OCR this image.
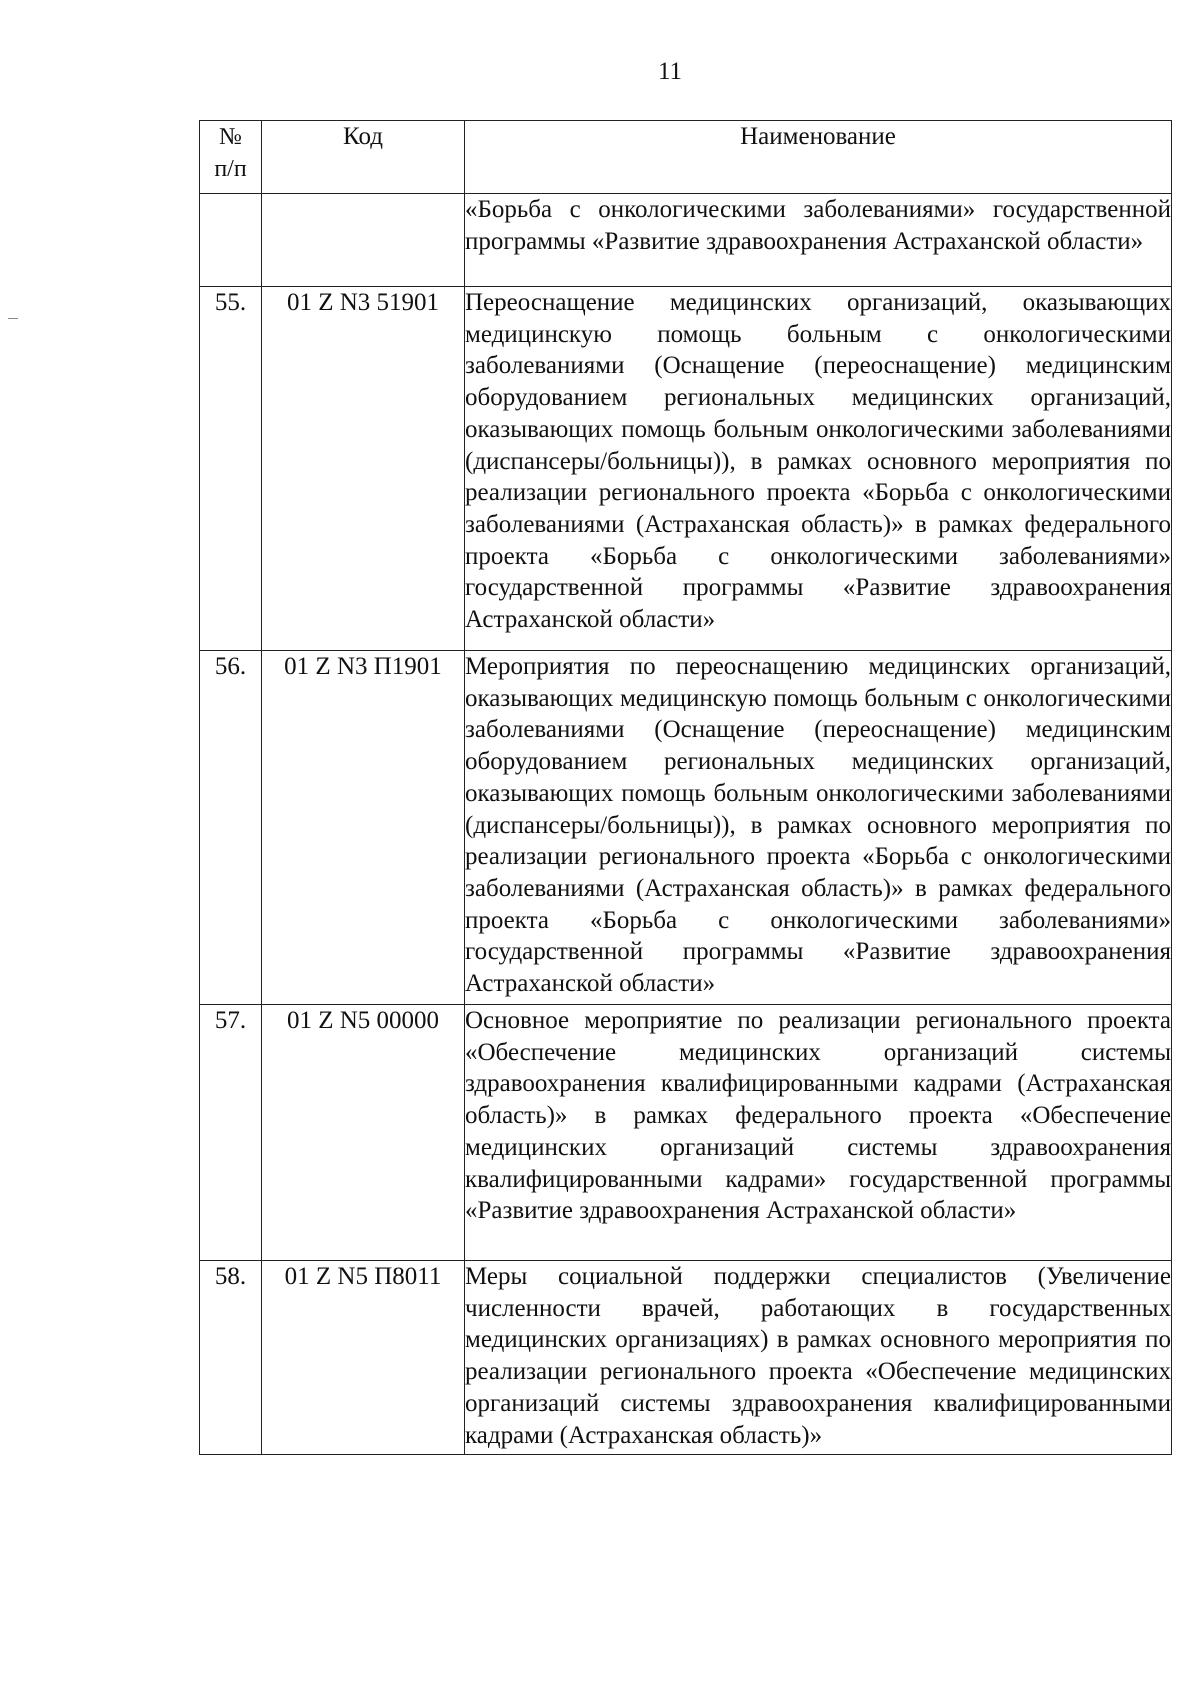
11
№
п/п	Код	Наименование
		«Борьба с онкологическими заболеваниями» государственной программы «Развитие здравоохранения Астраханской области»
55.	01 Z N3 51901	Переоснащение медицинских организаций, оказывающих медицинскую помощь больным с онкологическими заболеваниями (Оснащение (переоснащение) медицинским оборудованием региональных медицинских организаций, оказывающих помощь больным онкологическими заболеваниями (диспансеры/больницы)), в рамках основного мероприятия по реализации регионального проекта «Борьба с онкологическими заболеваниями (Астраханская область)» в рамках федерального проекта «Борьба с онкологическими заболеваниями» государственной программы «Развитие здравоохранения Астраханской области»
56.	01 Z N3 П1901	Мероприятия по переоснащению медицинских организаций, оказывающих медицинскую помощь больным с онкологическими заболеваниями (Оснащение (переоснащение) медицинским оборудованием региональных медицинских организаций, оказывающих помощь больным онкологическими заболеваниями (диспансеры/больницы)), в рамках основного мероприятия по реализации регионального проекта «Борьба с онкологическими заболеваниями (Астраханская область)» в рамках федерального проекта «Борьба с онкологическими заболеваниями» государственной программы «Развитие здравоохранения Астраханской области»
57.	01 Z N5 00000	Основное мероприятие по реализации регионального проекта «Обеспечение медицинских организаций системы здравоохранения квалифицированными кадрами (Астраханская область)» в рамках федерального проекта «Обеспечение медицинских организаций системы здравоохранения квалифицированными кадрами» государственной программы «Развитие здравоохранения Астраханской области»
58.	01 Z N5 П8011	Меры социальной поддержки специалистов (Увеличение численности врачей, работающих в государственных медицинских организациях) в рамках основного мероприятия по реализации регионального проекта «Обеспечение медицинских организаций системы здравоохранения квалифицированными кадрами (Астраханская область)»
